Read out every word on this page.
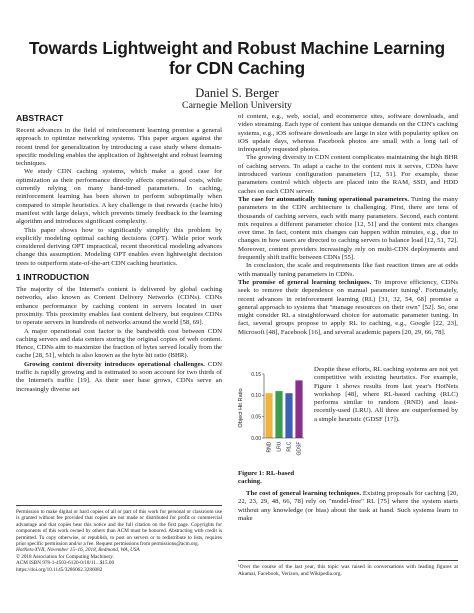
Towards Lightweight and Robust Machine Learning
for CDN Caching
Daniel S. Berger
Carnegie Mellon University
ABSTRACT

Recent advances in the field of reinforcement learning promise a general approach to optimize networking systems. This paper argues against the recent trend for generalization by introducing a case study where domain-specific modeling enables the application of lightweight and robust learning techniques.

We study CDN caching systems, which make a good case for optimization as their performance directly affects operational costs, while currently relying on many hand-tuned parameters. In caching, reinforcement learning has been shown to perform suboptimally when compared to simple heuristics. A key challenge is that rewards (cache hits) manifest with large delays, which prevents timely feedback to the learning algorithm and introduces significant complexity.

This paper shows how to significantly simplify this problem by explicitly modeling optimal caching decisions (OPT). While prior work considered deriving OPT impractical, recent theoretical modeling advances change this assumption. Modeling OPT enables even lightweight decision trees to outperform state-of-the-art CDN caching heuristics.

1 INTRODUCTION

The majority of the Internet's content is delivered by global caching networks, also known as Content Delivery Networks (CDNs). CDNs enhance performance by caching content in servers located in user proximity. This proximity enables fast content delivery, but requires CDNs to operate servers in hundreds of networks around the world [58, 69].

A major operational cost factor is the bandwidth cost between CDN caching servers and data centers storing the original copies of web content. Hence, CDNs aim to maximize the fraction of bytes served locally from the cache [28, 51], which is also known as the byte hit ratio (BHR).

Growing content diversity introduces operational challenges. CDN traffic is rapidly growing and is estimated to soon account for two thirds of the Internet's traffic [19]. As their user base grows, CDNs serve an increasingly diverse set

Permission to make digital or hard copies of all or part of this work for personal or classroom use is granted without fee provided that copies are not made or distributed for profit or commercial advantage and that copies bear this notice and the full citation on the first page. Copyrights for components of this work owned by others than ACM must be honored. Abstracting with credit is permitted. To copy otherwise, or republish, to post on servers or to redistribute to lists, requires prior specific permission and/or a fee. Request permissions from permissions@acm.org.

HotNets-XVII, November 15–16, 2018, Redmond, WA, USA

© 2018 Association for Computing Machinery.

ACM ISBN 978-1-4503-6120-0/18/11...$15.00

https://doi.org/10.1145/3286062.3286082

of content, e.g., web, social, and ecommerce sites, software downloads, and video streaming. Each type of content has unique demands on the CDN's caching systems, e.g., iOS software downloads are large in size with popularity spikes on iOS update days, whereas Facebook photos are small with a long tail of infrequently requested photos.

The growing diversity in CDN content complicates maintaining the high BHR of caching servers. To adapt a cache to the content mix it serves, CDNs have introduced various configuration parameters [12, 51]. For example, these parameters control which objects are placed into the RAM, SSD, and HDD caches on each CDN server.

The case for automatically tuning operational parameters. Tuning the many parameters in the CDN architecture is challenging. First, there are tens of thousands of caching servers, each with many parameters. Second, each content mix requires a different parameter choice [12, 51] and the content mix changes over time. In fact, content mix changes can happen within minutes, e.g., due to changes in how users are directed to caching servers to balance load [12, 51, 72]. Moreover, content providers increasingly rely on multi-CDN deployments and frequently shift traffic between CDNs [55].

In conclusion, the scale and requirements like fast reaction times are at odds with manually tuning parameters in CDNs.

The promise of general learning techniques. To improve efficiency, CDNs seek to remove their dependence on manual parameter tuning¹. Fortunately, recent advances in reinforcement learning (RL) [31, 32, 54, 68] promise a general approach to systems that "manage resources on their own" [52]. So, one might consider RL a straightforward choice for automatic parameter tuning. In fact, several groups propose to apply RL to caching, e.g., Google [22, 23], Microsoft [48], Facebook [16], and several academic papers [20, 29, 66, 78].

Object Hit Ratio
0.15
0.10
0.05
0.00
RND LRU RLC GDSF
Figure 1: RL-based caching.

Despite these efforts, RL caching systems are not yet competitive with existing heuristics. For example, Figure 1 shows results from last year's HotNets workshop [48], where RL-based caching (RLC) performs similar to random (RND) and least-recently-used (LRU). All three are outperformed by a simple heuristic (GDSF [17]).

The cost of general learning techniques. Existing proposals for caching [20, 22, 23, 29, 48, 66, 78] rely on "model-free" RL [75] where the system starts without any knowledge (or bias) about the task at hand. Such systems learn to make

¹Over the course of the last year, this topic was raised in conversations with leading figures at Akamai, Facebook, Verizon, and Wikipedia.org.
